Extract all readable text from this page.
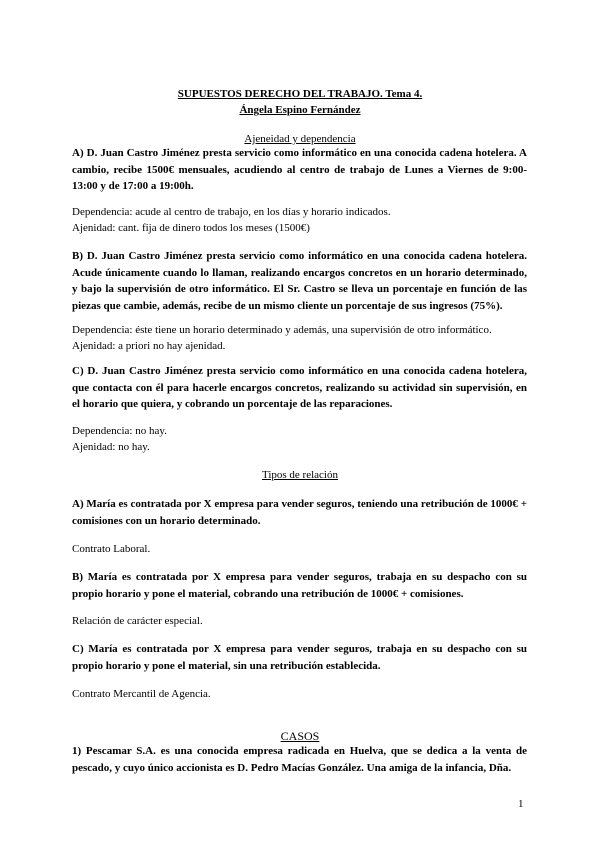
SUPUESTOS DERECHO DEL TRABAJO. Tema 4.
Ángela Espino Fernández
Ajeneidad y dependencia
A) D. Juan Castro Jiménez presta servicio como informático en una conocida cadena hotelera. A cambio, recibe 1500€ mensuales, acudiendo al centro de trabajo de Lunes a Viernes de 9:00-13:00 y de 17:00 a 19:00h.
Dependencia: acude al centro de trabajo, en los días y horario indicados.
Ajenidad: cant. fija de dinero todos los meses (1500€)
B) D. Juan Castro Jiménez presta servicio como informático en una conocida cadena hotelera. Acude únicamente cuando lo llaman, realizando encargos concretos en un horario determinado, y bajo la supervisión de otro informático. El Sr. Castro se lleva un porcentaje en función de las piezas que cambie, además, recibe de un mismo cliente un porcentaje de sus ingresos (75%).
Dependencia: éste tiene un horario determinado y además, una supervisión de otro informático.
Ajenidad: a priori no hay ajenidad.
C) D. Juan Castro Jiménez presta servicio como informático en una conocida cadena hotelera, que contacta con él para hacerle encargos concretos, realizando su actividad sin supervisión, en el horario que quiera, y cobrando un porcentaje de las reparaciones.
Dependencia: no hay.
Ajenidad: no hay.
Tipos de relación
A) María es contratada por X empresa para vender seguros, teniendo una retribución de 1000€ + comisiones con un horario determinado.
Contrato Laboral.
B) María es contratada por X empresa para vender seguros, trabaja en su despacho con su propio horario y pone el material, cobrando una retribución de 1000€ + comisiones.
Relación de carácter especial.
C) María es contratada por X empresa para vender seguros, trabaja en su despacho con su propio horario y pone el material, sin una retribución establecida.
Contrato Mercantil de Agencia.
CASOS
1) Pescamar S.A. es una conocida empresa radicada en Huelva, que se dedica a la venta de pescado, y cuyo único accionista es D. Pedro Macías González. Una amiga de la infancia, Dña.
1
